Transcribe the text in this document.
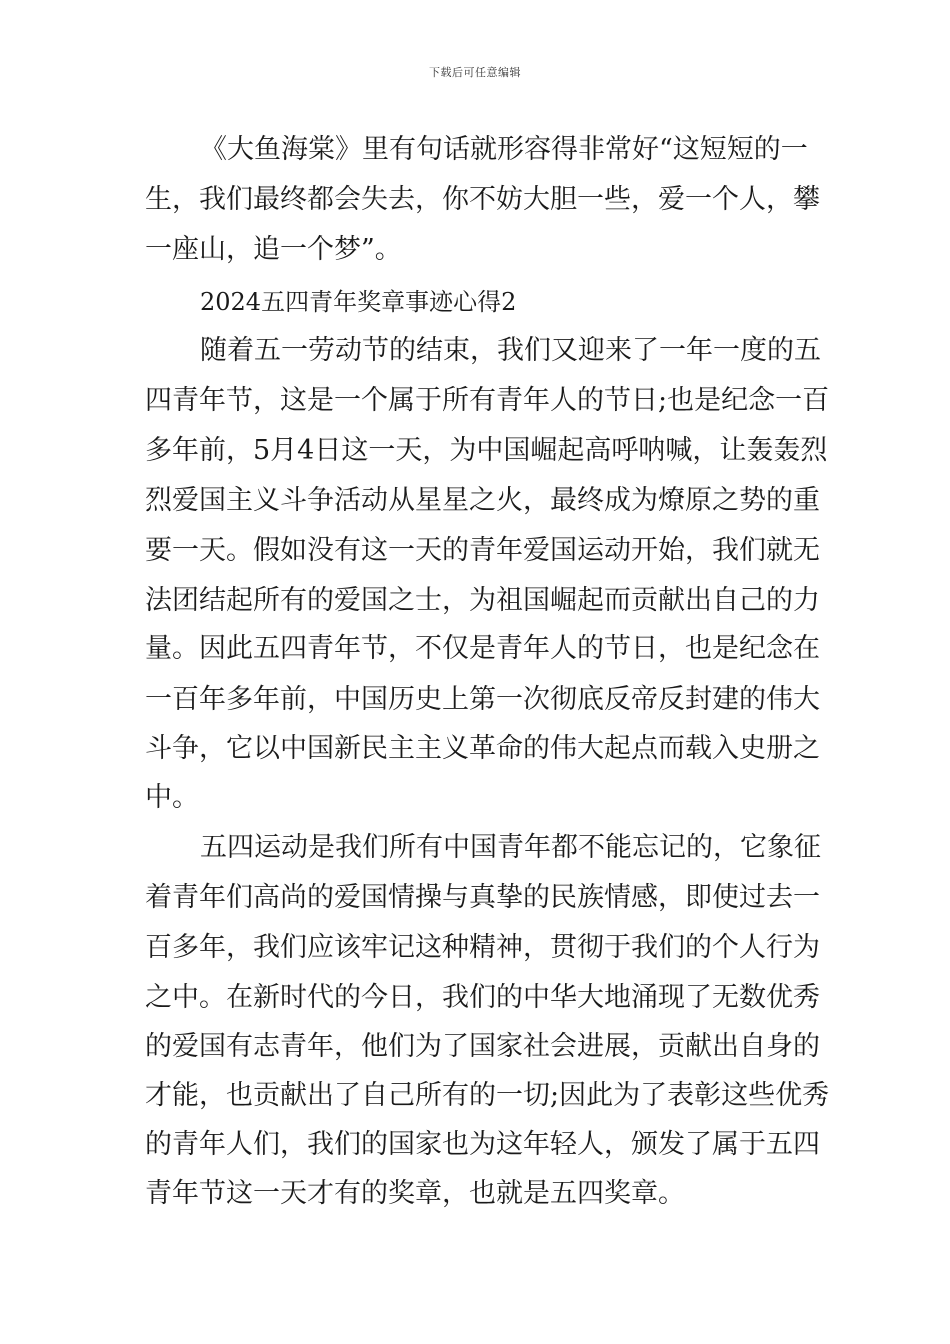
下载后可任意编辑
《大鱼海棠》里有句话就形容得非常好“这短短的一
生，我们最终都会失去，你不妨大胆一些，爱一个人，攀
一座山，追一个梦”。
2024五四青年奖章事迹心得2
随着五一劳动节的结束，我们又迎来了一年一度的五
四青年节，这是一个属于所有青年人的节日;也是纪念一百
多年前，5月4日这一天，为中国崛起高呼呐喊，让轰轰烈
烈爱国主义斗争活动从星星之火，最终成为燎原之势的重
要一天。假如没有这一天的青年爱国运动开始，我们就无
法团结起所有的爱国之士，为祖国崛起而贡献出自己的力
量。因此五四青年节，不仅是青年人的节日，也是纪念在
一百年多年前，中国历史上第一次彻底反帝反封建的伟大
斗争，它以中国新民主主义革命的伟大起点而载入史册之
中。
五四运动是我们所有中国青年都不能忘记的，它象征
着青年们高尚的爱国情操与真挚的民族情感，即使过去一
百多年，我们应该牢记这种精神，贯彻于我们的个人行为
之中。在新时代的今日，我们的中华大地涌现了无数优秀
的爱国有志青年，他们为了国家社会进展，贡献出自身的
才能，也贡献出了自己所有的一切;因此为了表彰这些优秀
的青年人们，我们的国家也为这年轻人，颁发了属于五四
青年节这一天才有的奖章，也就是五四奖章。
